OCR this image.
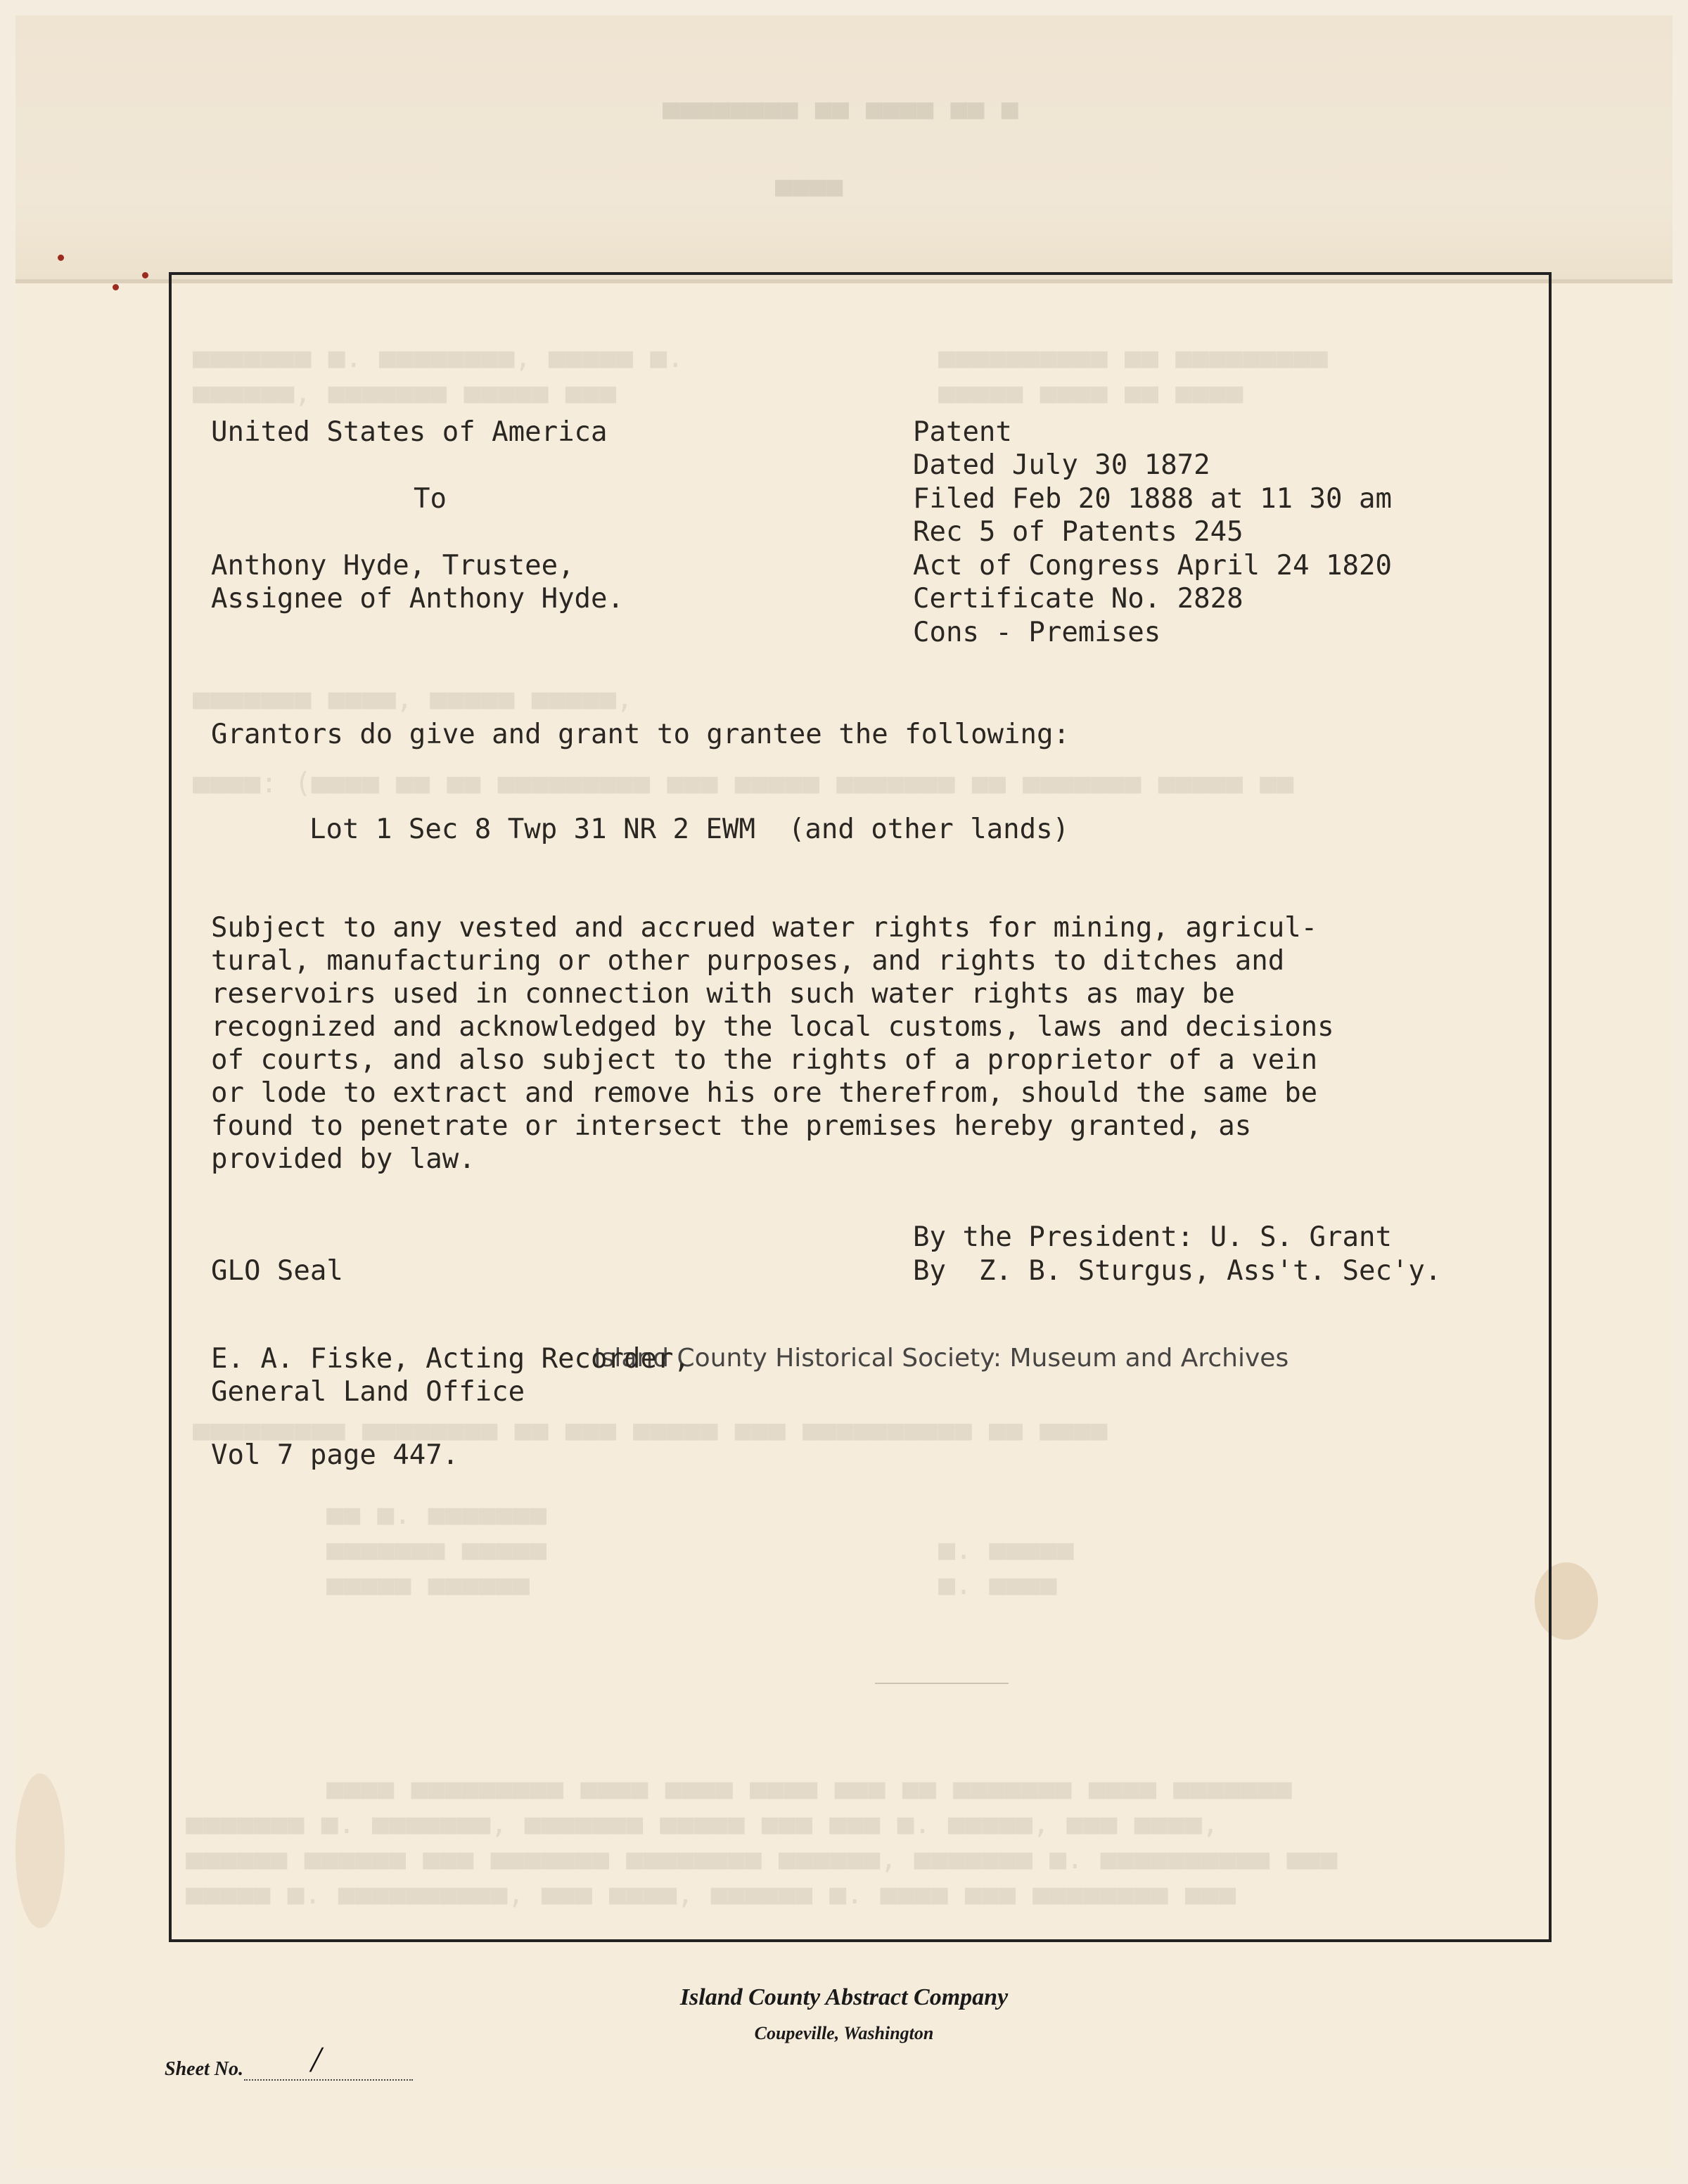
■■■■■■■■ ■■ ■■■■ ■■ ■
■■■■
■■■■■■■ ■. ■■■■■■■■, ■■■■■ ■.	■■■■■■■■■■ ■■ ■■■■■■■■■
■■■■■■, ■■■■■■■ ■■■■■ ■■■	■■■■■ ■■■■ ■■ ■■■■
■■■■■■■ ■■■■, ■■■■■ ■■■■■,
■■■■: (■■■■ ■■ ■■ ■■■■■■■■■ ■■■ ■■■■■ ■■■■■■■ ■■ ■■■■■■■ ■■■■■ ■■
■■■■■■■■■ ■■■■■■■■ ■■ ■■■ ■■■■■ ■■■ ■■■■■■■■■■ ■■ ■■■■
■■ ■. ■■■■■■■
■■■■■■■ ■■■■■
■■■■■ ■■■■■■
■. ■■■■■
■. ■■■■
■■■■ ■■■■■■■■■ ■■■■ ■■■■ ■■■■ ■■■ ■■ ■■■■■■■ ■■■■ ■■■■■■■
■■■■■■■ ■. ■■■■■■■, ■■■■■■■ ■■■■■ ■■■ ■■■ ■. ■■■■■, ■■■ ■■■■,
■■■■■■ ■■■■■■ ■■■ ■■■■■■■ ■■■■■■■■ ■■■■■■, ■■■■■■■ ■. ■■■■■■■■■■ ■■■
■■■■■ ■. ■■■■■■■■■■, ■■■ ■■■■, ■■■■■■ ■. ■■■■ ■■■ ■■■■■■■■ ■■■
United States of America
To
Anthony Hyde, Trustee,
Assignee of Anthony Hyde.
Patent
Dated July 30 1872
Filed Feb 20 1888 at 11 30 am
Rec 5 of Patents 245
Act of Congress April 24 1820
Certificate No. 2828
Cons - Premises
Grantors do give and grant to grantee the following:
Lot 1 Sec 8 Twp 31 NR 2 EWM  (and other lands)
Subject to any vested and accrued water rights for mining, agricul-
tural, manufacturing or other purposes, and rights to ditches and
reservoirs used in connection with such water rights as may be
recognized and acknowledged by the local customs, laws and decisions
of courts, and also subject to the rights of a proprietor of a vein
or lode to extract and remove his ore therefrom, should the same be
found to penetrate or intersect the premises hereby granted, as
provided by law.
Island County Historical Society: Museum and Archives
By the President: U. S. Grant
By  Z. B. Sturgus, Ass't. Sec'y.
GLO Seal
E. A. Fiske, Acting Recorder,
General Land Office
Vol 7 page 447.
Island County Abstract Company
Coupeville, Washington
Sheet No. /
